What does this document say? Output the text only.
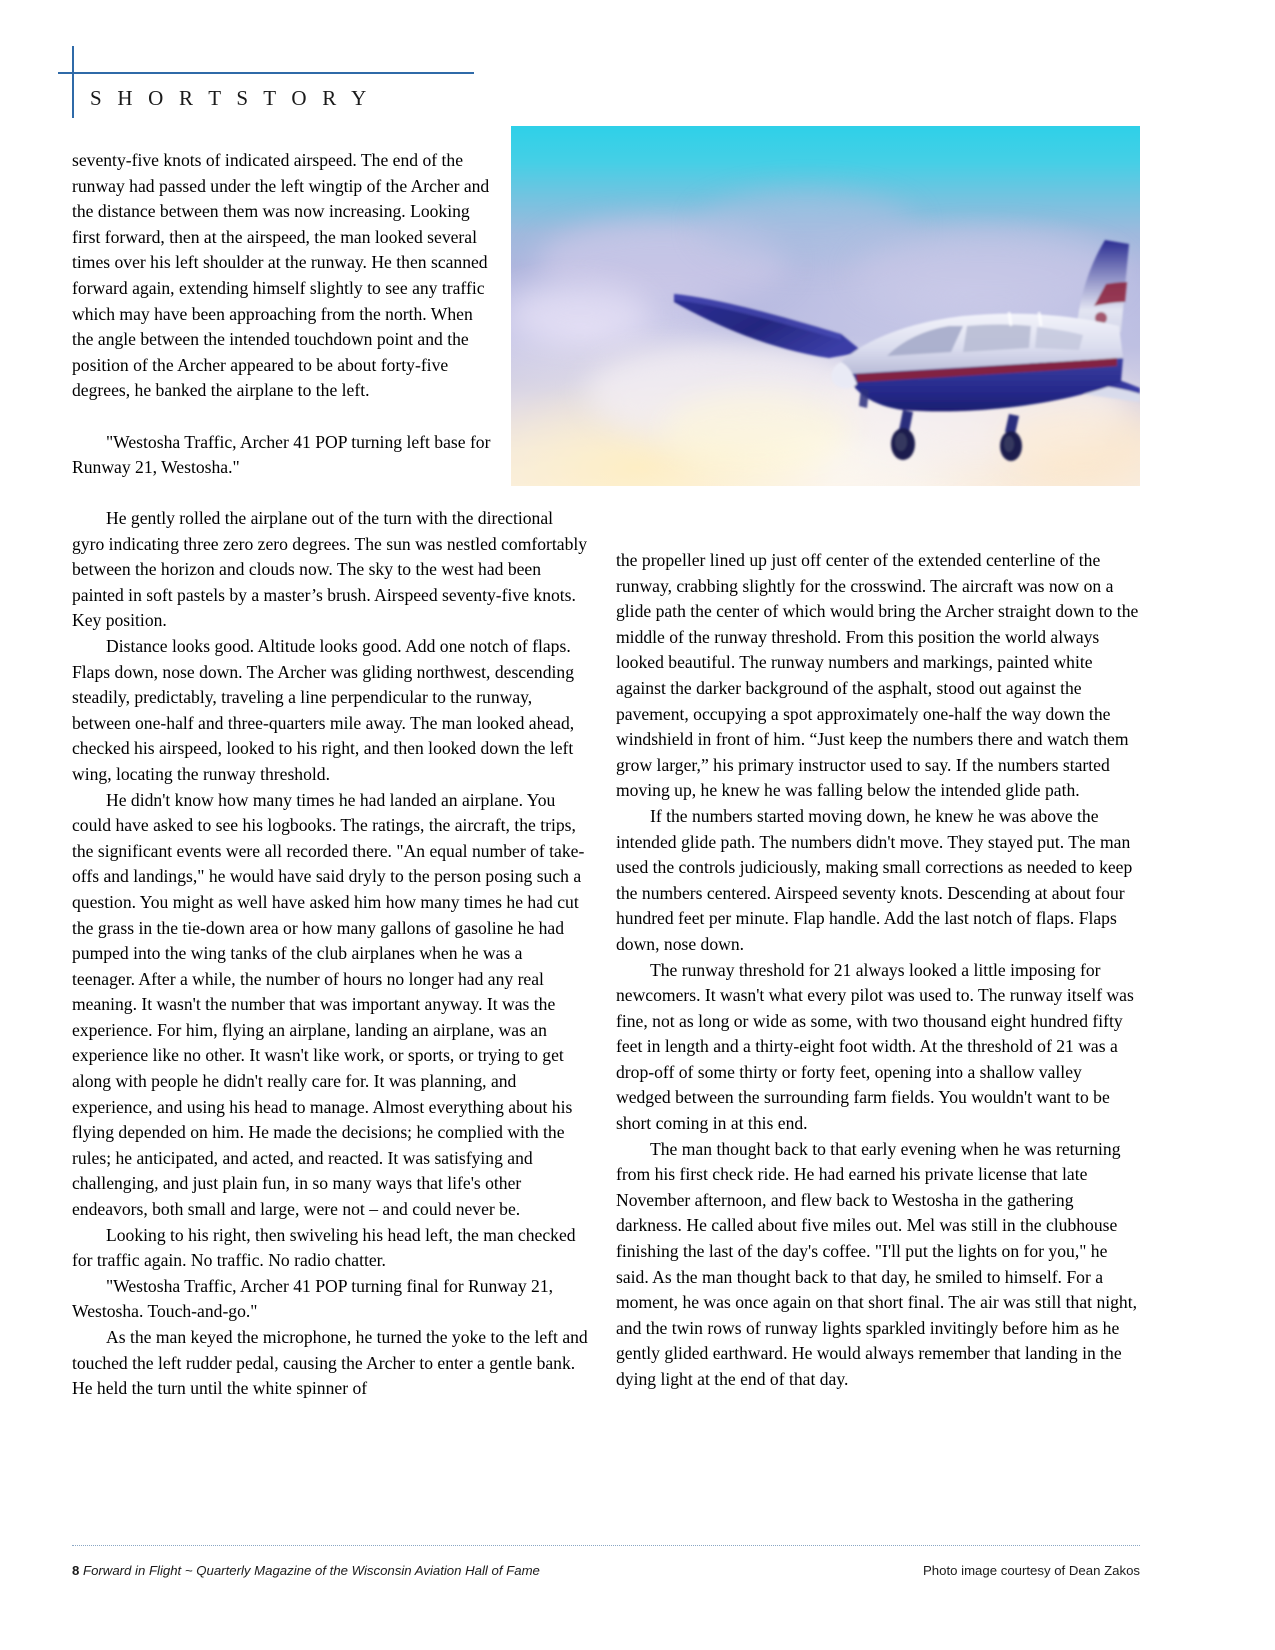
S H O R T S T O R Y

seventy-five knots of indicated airspeed. The end of the runway had passed under the left wingtip of the Archer and the distance between them was now increasing. Looking first forward, then at the airspeed, the man looked several times over his left shoulder at the runway. He then scanned forward again, extending himself slightly to see any traffic which may have been approaching from the north. When the angle between the intended touchdown point and the position of the Archer appeared to be about forty-five degrees, he banked the airplane to the left.

"Westosha Traffic, Archer 41 POP turning left base for Runway 21, Westosha."

He gently rolled the airplane out of the turn with the directional gyro indicating three zero zero degrees. The sun was nestled comfortably between the horizon and clouds now. The sky to the west had been painted in soft pastels by a master’s brush. Airspeed seventy-five knots. Key position.

Distance looks good. Altitude looks good. Add one notch of flaps. Flaps down, nose down. The Archer was gliding northwest, descending steadily, predictably, traveling a line perpendicular to the runway, between one-half and three-quarters mile away. The man looked ahead, checked his airspeed, looked to his right, and then looked down the left wing, locating the runway threshold.

He didn't know how many times he had landed an airplane. You could have asked to see his logbooks. The ratings, the aircraft, the trips, the significant events were all recorded there. "An equal number of take-offs and landings," he would have said dryly to the person posing such a question. You might as well have asked him how many times he had cut the grass in the tie-down area or how many gallons of gasoline he had pumped into the wing tanks of the club airplanes when he was a teenager. After a while, the number of hours no longer had any real meaning. It wasn't the number that was important anyway. It was the experience. For him, flying an airplane, landing an airplane, was an experience like no other. It wasn't like work, or sports, or trying to get along with people he didn't really care for. It was planning, and experience, and using his head to manage. Almost everything about his flying depended on him. He made the decisions; he complied with the rules; he anticipated, and acted, and reacted. It was satisfying and challenging, and just plain fun, in so many ways that life's other endeavors, both small and large, were not – and could never be.

Looking to his right, then swiveling his head left, the man checked for traffic again. No traffic. No radio chatter.

"Westosha Traffic, Archer 41 POP turning final for Runway 21, Westosha. Touch-and-go."

As the man keyed the microphone, he turned the yoke to the left and touched the left rudder pedal, causing the Archer to enter a gentle bank. He held the turn until the white spinner of

the propeller lined up just off center of the extended centerline of the runway, crabbing slightly for the crosswind. The aircraft was now on a glide path the center of which would bring the Archer straight down to the middle of the runway threshold. From this position the world always looked beautiful. The runway numbers and markings, painted white against the darker background of the asphalt, stood out against the pavement, occupying a spot approximately one-half the way down the windshield in front of him. “Just keep the numbers there and watch them grow larger,” his primary instructor used to say. If the numbers started moving up, he knew he was falling below the intended glide path.

If the numbers started moving down, he knew he was above the intended glide path. The numbers didn't move. They stayed put. The man used the controls judiciously, making small corrections as needed to keep the numbers centered. Airspeed seventy knots. Descending at about four hundred feet per minute. Flap handle. Add the last notch of flaps. Flaps down, nose down.

The runway threshold for 21 always looked a little imposing for newcomers. It wasn't what every pilot was used to. The runway itself was fine, not as long or wide as some, with two thousand eight hundred fifty feet in length and a thirty-eight foot width. At the threshold of 21 was a drop-off of some thirty or forty feet, opening into a shallow valley wedged between the surrounding farm fields. You wouldn't want to be short coming in at this end.

The man thought back to that early evening when he was returning from his first check ride. He had earned his private license that late November afternoon, and flew back to Westosha in the gathering darkness. He called about five miles out. Mel was still in the clubhouse finishing the last of the day's coffee. "I'll put the lights on for you," he said. As the man thought back to that day, he smiled to himself. For a moment, he was once again on that short final. The air was still that night, and the twin rows of runway lights sparkled invitingly before him as he gently glided earthward. He would always remember that landing in the dying light at the end of that day.

8 Forward in Flight ~ Quarterly Magazine of the Wisconsin Aviation Hall of Fame	Photo image courtesy of Dean Zakos
